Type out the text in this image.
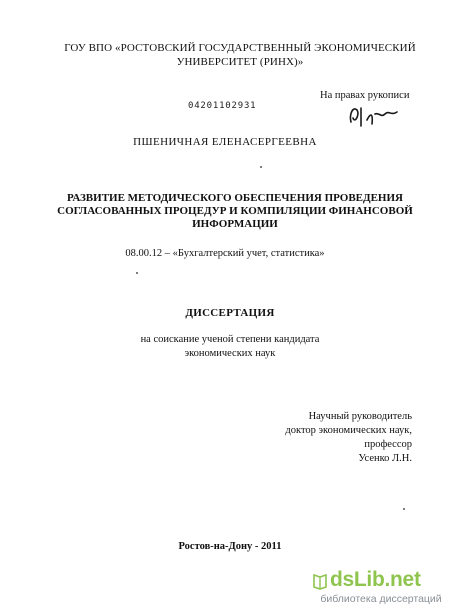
ГОУ ВПО «РОСТОВСКИЙ ГОСУДАРСТВЕННЫЙ ЭКОНОМИЧЕСКИЙ
УНИВЕРСИТЕТ (РИНХ)»
На правах рукописи
04201102931
ПШЕНИЧНАЯ ЕЛЕНАСЕРГЕЕВНА
РАЗВИТИЕ МЕТОДИЧЕСКОГО ОБЕСПЕЧЕНИЯ ПРОВЕДЕНИЯ
СОГЛАСОВАННЫХ ПРОЦЕДУР И КОМПИЛЯЦИИ ФИНАНСОВОЙ
ИНФОРМАЦИИ
08.00.12 – «Бухгалтерский учет, статистика»
ДИССЕРТАЦИЯ
на соискание ученой степени кандидата
экономических наук
Научный руководитель
доктор экономических наук,
профессор
Усенко Л.Н.
Ростов-на-Дону - 2011
dsLib.net
библиотека диссертаций
